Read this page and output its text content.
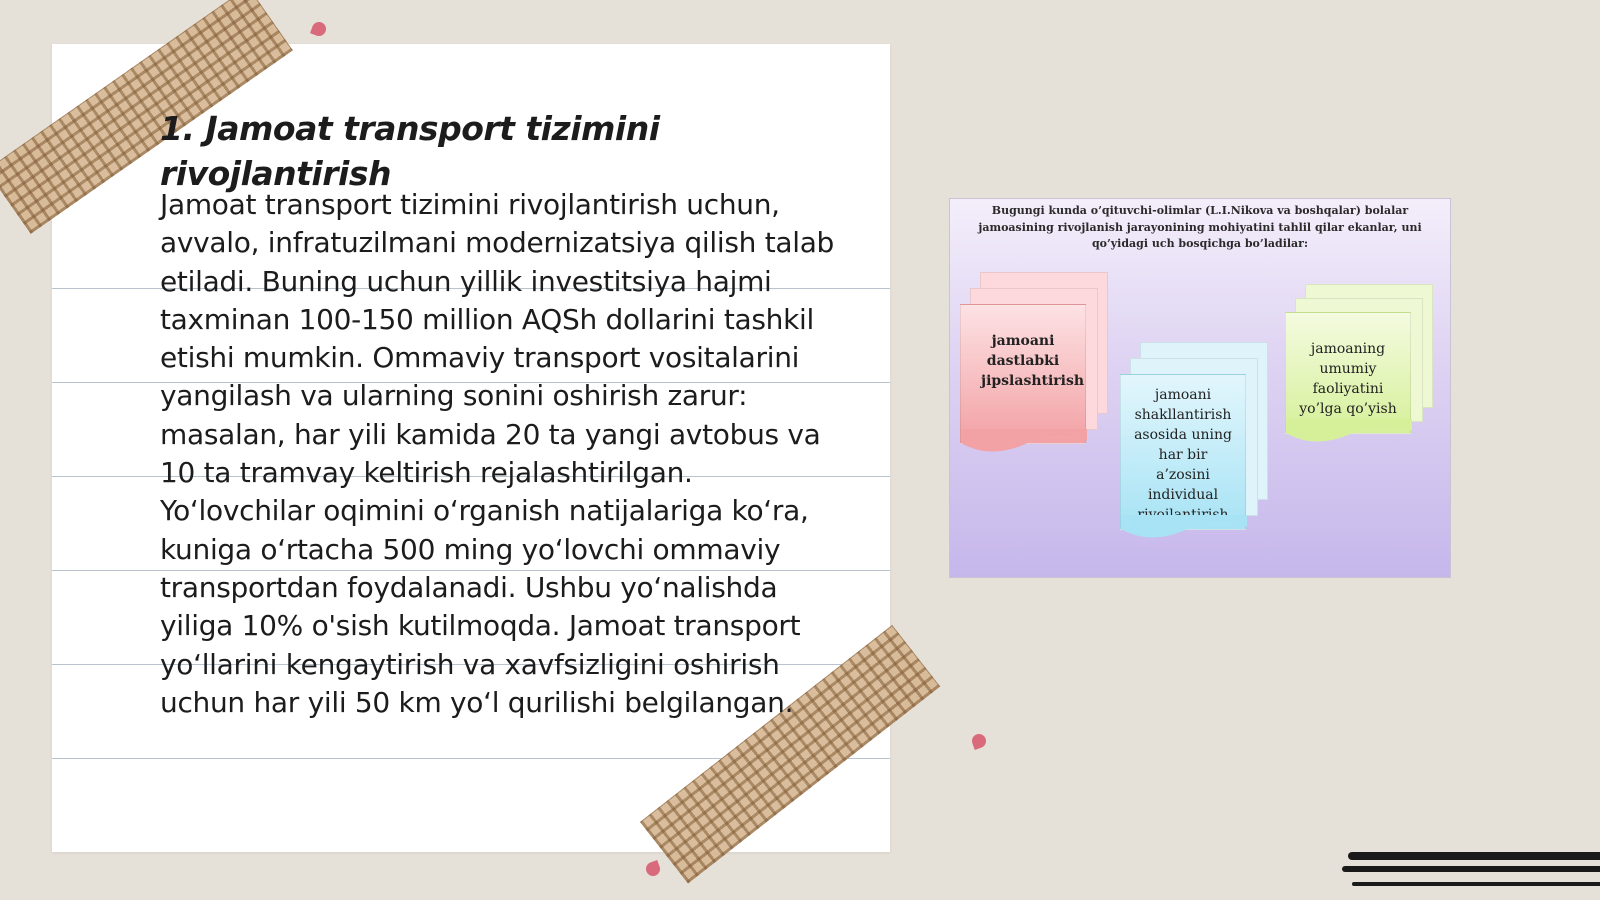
1. Jamoat transport tizimini rivojlantirish

Jamoat transport tizimini rivojlantirish uchun, avvalo, infratuzilmani modernizatsiya qilish talab etiladi. Buning uchun yillik investitsiya hajmi taxminan 100-150 million AQSh dollarini tashkil etishi mumkin. Ommaviy transport vositalarini yangilash va ularning sonini oshirish zarur: masalan, har yili kamida 20 ta yangi avtobus va 10 ta tramvay keltirish rejalashtirilgan. Yo‘lovchilar oqimini o‘rganish natijalariga ko‘ra, kuniga o‘rtacha 500 ming yo‘lovchi ommaviy transportdan foydalanadi. Ushbu yo‘nalishda yiliga 10% o'sish kutilmoqda. Jamoat transport yo‘llarini kengaytirish va xavfsizligini oshirish uchun har yili 50 km yo‘l qurilishi belgilangan.

Bugungi kunda o’qituvchi-olimlar (L.I.Nikova va boshqalar) bolalar jamoasining rivojlanish jarayonining mohiyatini tahlil qilar ekanlar, uni qo’yidagi uch bosqichga bo’ladilar:

jamoani dastlabki jipslashtirish
jamoani shakllantirish asosida uning har bir a’zosini individual
jamoaning umumiy faoliyatini yo’lga qo’yish
